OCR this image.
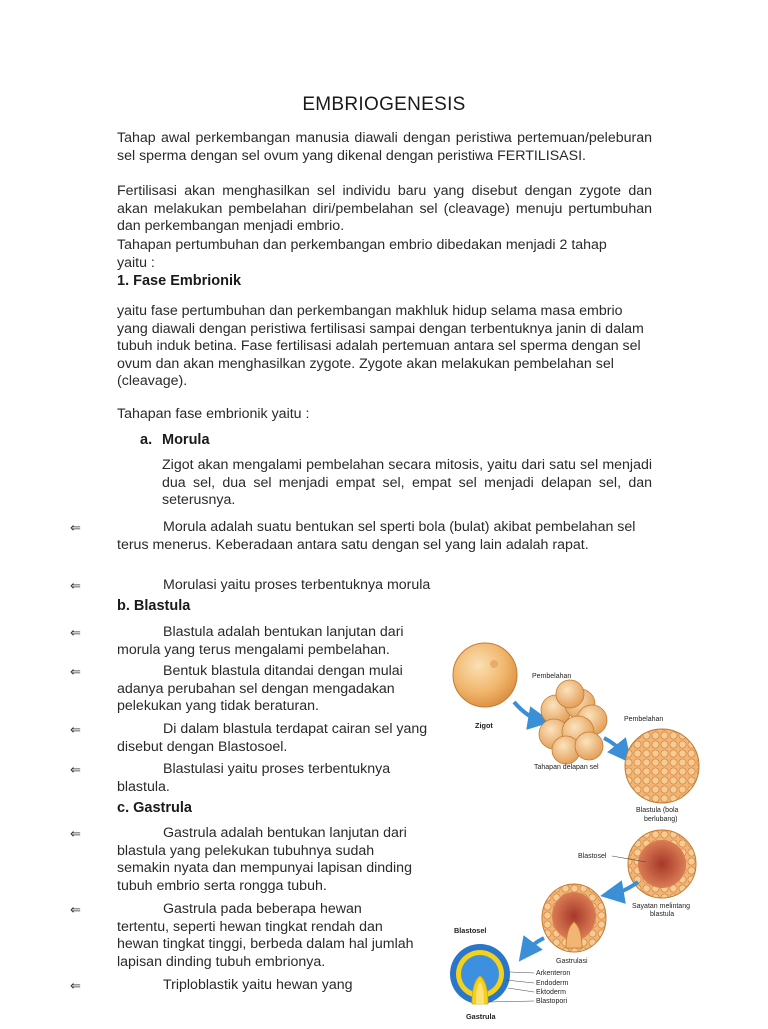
EMBRIOGENESIS
Tahap awal perkembangan manusia diawali dengan peristiwa pertemuan/peleburan sel sperma dengan sel ovum yang dikenal dengan peristiwa FERTILISASI.
Fertilisasi akan menghasilkan sel individu baru yang disebut dengan zygote dan akan melakukan pembelahan diri/pembelahan sel (cleavage) menuju pertumbuhan dan perkembangan menjadi embrio.
Tahapan pertumbuhan dan perkembangan embrio dibedakan menjadi 2 tahap yaitu :
1. Fase Embrionik
yaitu fase pertumbuhan dan perkembangan makhluk hidup selama masa embrio yang diawali dengan peristiwa fertilisasi sampai dengan terbentuknya janin di dalam tubuh induk betina. Fase fertilisasi adalah pertemuan antara sel sperma dengan sel ovum dan akan menghasilkan zygote. Zygote akan melakukan pembelahan sel (cleavage).
Tahapan fase embrionik yaitu :
a. Morula
Zigot akan mengalami pembelahan secara mitosis, yaitu dari satu sel menjadi dua sel, dua sel menjadi empat sel, empat sel menjadi delapan sel, dan seterusnya.
⇐	Morula adalah suatu bentukan sel sperti bola (bulat) akibat pembelahan sel terus menerus. Keberadaan antara satu dengan sel yang lain adalah rapat.
⇐	Morulasi yaitu proses terbentuknya morula
b. Blastula
⇐	Blastula adalah bentukan lanjutan dari morula yang terus mengalami pembelahan.
⇐	Bentuk blastula ditandai dengan mulai adanya perubahan sel dengan mengadakan pelekukan yang tidak beraturan.
⇐	Di dalam blastula terdapat cairan sel yang disebut dengan Blastosoel.
⇐	Blastulasi yaitu proses terbentuknya blastula.
c. Gastrula
⇐	Gastrula adalah bentukan lanjutan dari blastula yang pelekukan tubuhnya sudah semakin nyata dan mempunyai lapisan dinding tubuh embrio serta rongga tubuh.
⇐	Gastrula pada beberapa hewan tertentu, seperti hewan tingkat rendah dan hewan tingkat tinggi, berbeda dalam hal jumlah lapisan dinding tubuh embrionya.
⇐	Triploblastik yaitu hewan yang
Zigot
Pembelahan
Tahapan delapan sel
Pembelahan
Blastula (bola
berlubang)
Blastosel
Sayatan melintang
blastula
Gastrulasi
Blastosel
Arkenteron
Endoderm
Ektoderm
Blastopori
Gastrula
